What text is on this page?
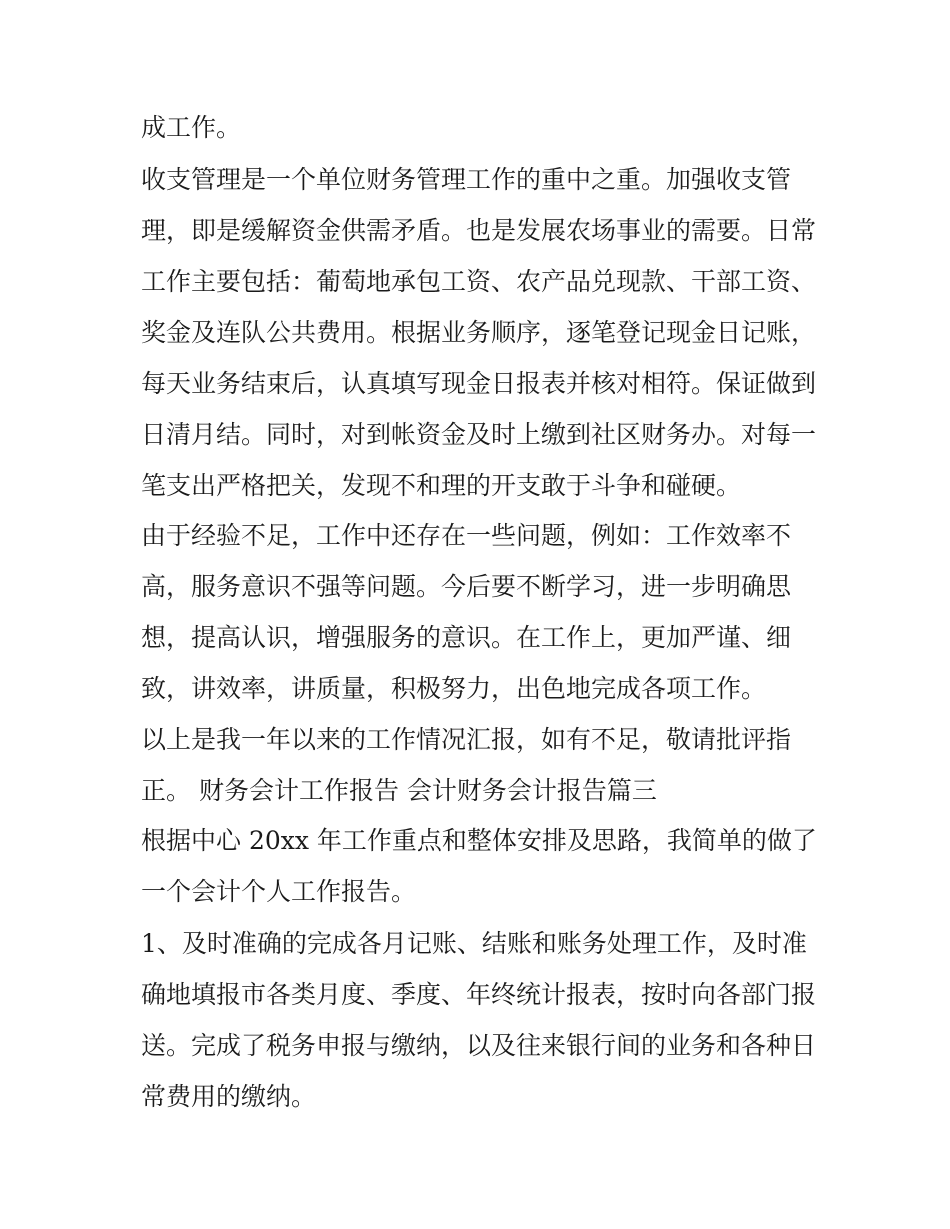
成工作。

收支管理是一个单位财务管理工作的重中之重。加强收支管

理，即是缓解资金供需矛盾。也是发展农场事业的需要。日常

工作主要包括：葡萄地承包工资、农产品兑现款、干部工资、

奖金及连队公共费用。根据业务顺序，逐笔登记现金日记账，

每天业务结束后，认真填写现金日报表并核对相符。保证做到

日清月结。同时，对到帐资金及时上缴到社区财务办。对每一

笔支出严格把关，发现不和理的开支敢于斗争和碰硬。

由于经验不足，工作中还存在一些问题，例如：工作效率不

高，服务意识不强等问题。今后要不断学习，进一步明确思

想，提高认识，增强服务的意识。在工作上，更加严谨、细

致，讲效率，讲质量，积极努力，出色地完成各项工作。

以上是我一年以来的工作情况汇报，如有不足，敬请批评指

正。 财务会计工作报告 会计财务会计报告篇三

根据中心 20xx 年工作重点和整体安排及思路，我简单的做了

一个会计个人工作报告。

1、及时准确的完成各月记账、结账和账务处理工作，及时准

确地填报市各类月度、季度、年终统计报表，按时向各部门报

送。完成了税务申报与缴纳，以及往来银行间的业务和各种日

常费用的缴纳。
